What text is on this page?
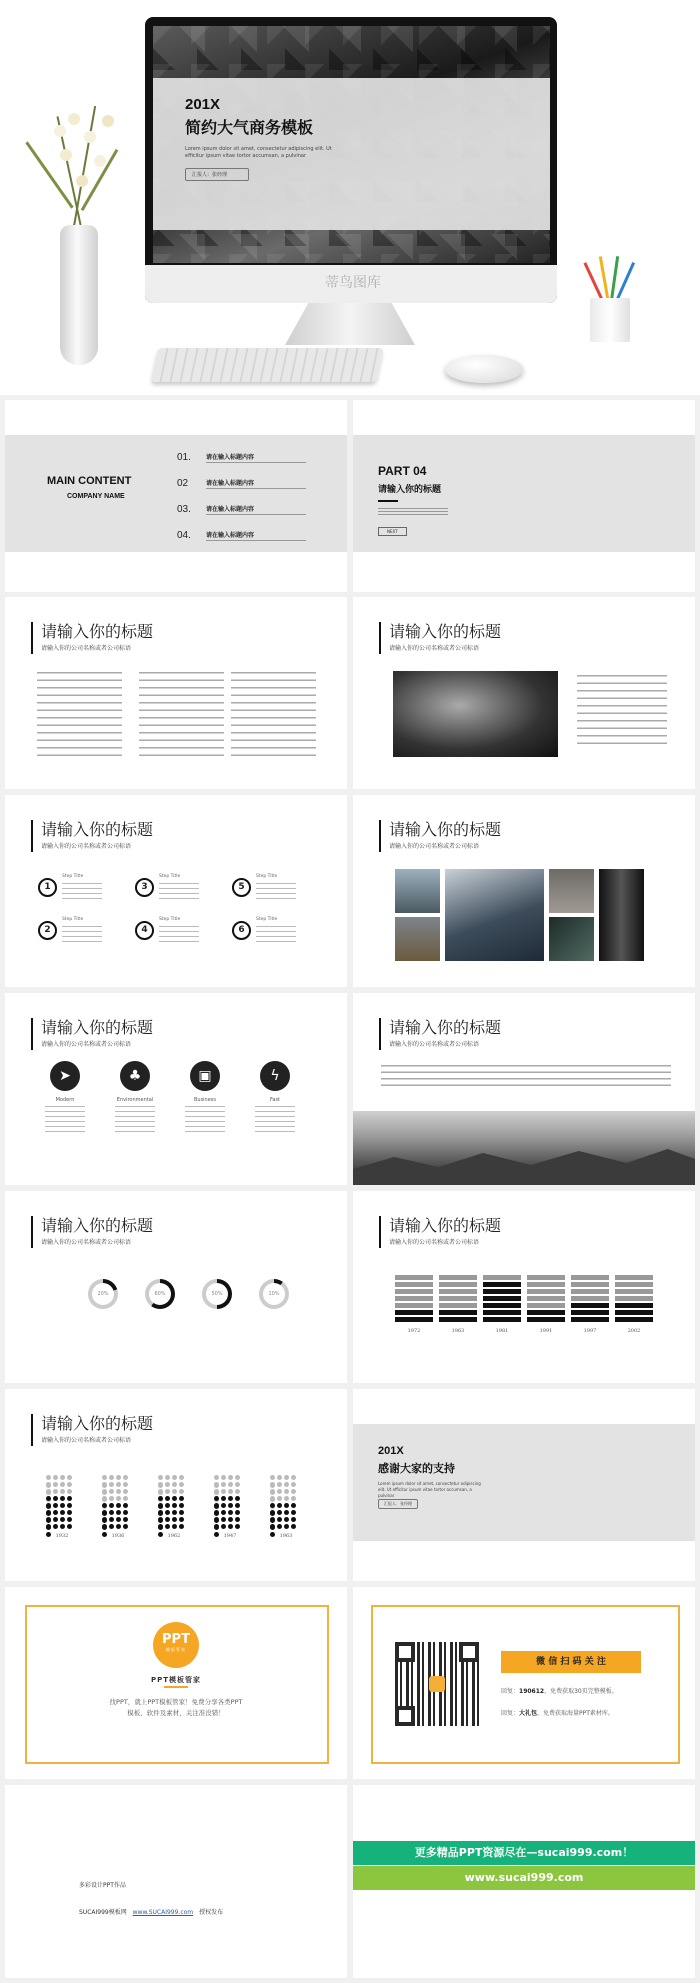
蒂鸟图库
201X
简约大气商务模板
Lorem ipsum dolor sit amet, consectetur adipiscing elit. Ut efficitur ipsum vitae tortor accumsan, a pulvinar
汇报人：张经理
MAIN CONTENT
COMPANY NAME
01.	请在输入标题内容
02	请在输入标题内容
03.	请在输入标题内容
04.	请在输入标题内容
PART 04
请输入你的标题
NEXT
请输入你的标题
请输入你的公司名称或者公司标语
请输入你的标题
请输入你的公司名称或者公司标语
请输入你的标题
请输入你的公司名称或者公司标语
1
Step Title
3
Step Title
5
Step Title
2
Step Title
4
Step Title
6
Step Title
请输入你的标题
请输入你的公司名称或者公司标语
请输入你的标题
请输入你的公司名称或者公司标语
➤
Modern
♣
Environmental
▣
Business
ϟ
Fast
请输入你的标题
请输入你的公司名称或者公司标语
请输入你的标题
请输入你的公司名称或者公司标语
20%	60%	50%	10%
请输入你的标题
请输入你的公司名称或者公司标语
1972	1963	1981	1991	1997	2002
请输入你的标题
请输入你的公司名称或者公司标语
1932	1936	1962	1947	1963
201X
感谢大家的支持
Lorem ipsum dolor sit amet, consectetur adipiscing elit. Ut efficitur ipsum vitae tortor accumsan, a pulvinar
汇报人：张经理
PPT
模板管家
PPT模板管家
找PPT，就上PPT模板管家！免费分享各类PPT
模板、软件及素材，关注准没错！
微 信 扫 码 关 注
回复：190612，免费获取30页完整模板。
回复：大礼包，免费获取海量PPT素材库。
多彩设计PPT作品
SUCAI999模板网 www.SUCAI999.com 授权发布
更多精品PPT资源尽在—sucai999.com！
www.sucai999.com
